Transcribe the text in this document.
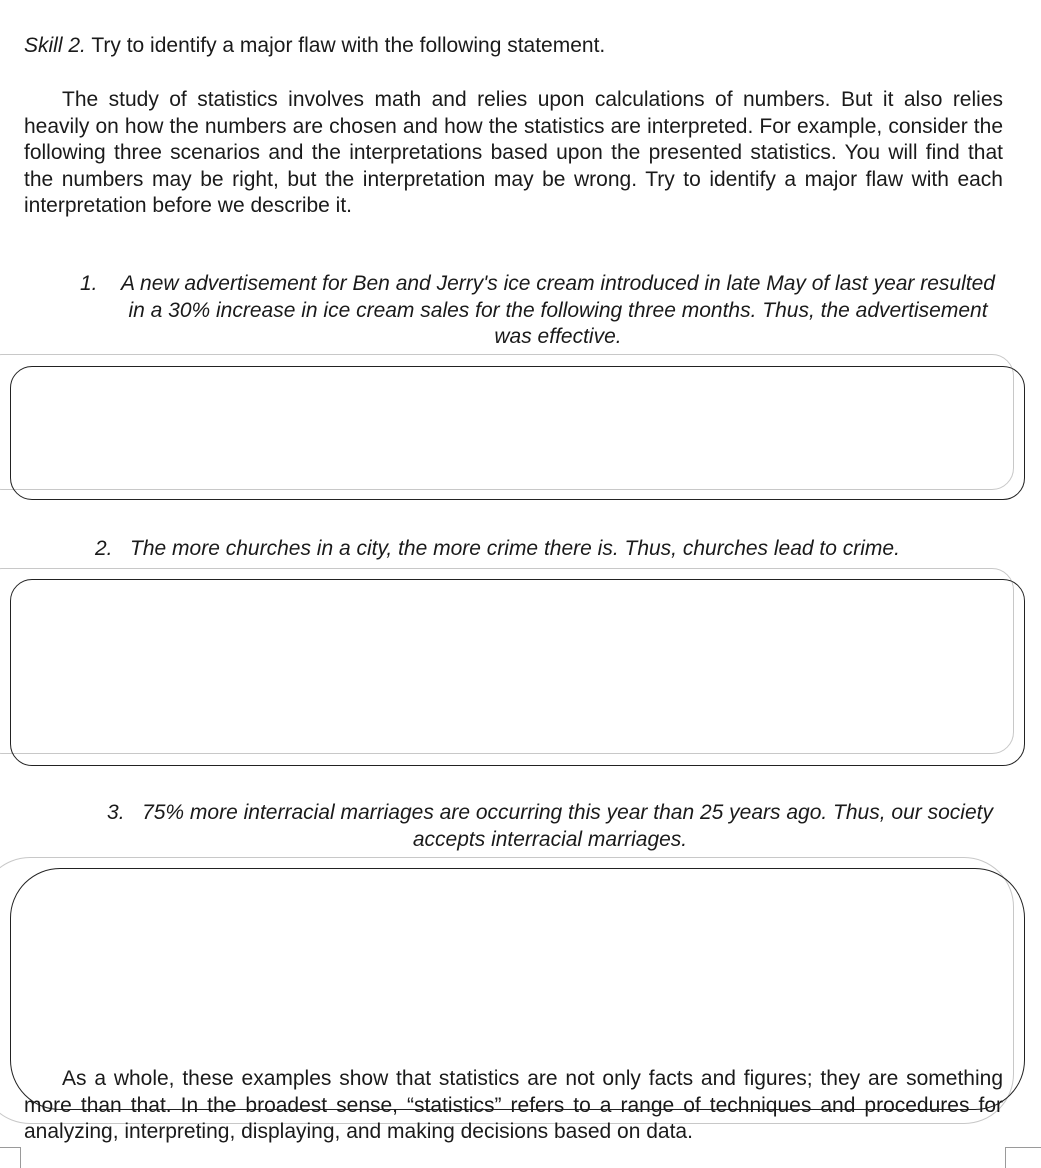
Skill 2. Try to identify a major flaw with the following statement.

The study of statistics involves math and relies upon calculations of numbers. But it also relies heavily on how the numbers are chosen and how the statistics are interpreted. For example, consider the following three scenarios and the interpretations based upon the presented statistics. You will find that the numbers may be right, but the interpretation may be wrong. Try to identify a major flaw with each interpretation before we describe it.

1. A new advertisement for Ben and Jerry's ice cream introduced in late May of last year resulted in a 30% increase in ice cream sales for the following three months. Thus, the advertisement was effective.
2. The more churches in a city, the more crime there is. Thus, churches lead to crime.
3. 75% more interracial marriages are occurring this year than 25 years ago. Thus, our society accepts interracial marriages.

As a whole, these examples show that statistics are not only facts and figures; they are something more than that. In the broadest sense, “statistics” refers to a range of techniques and procedures for analyzing, interpreting, displaying, and making decisions based on data.
